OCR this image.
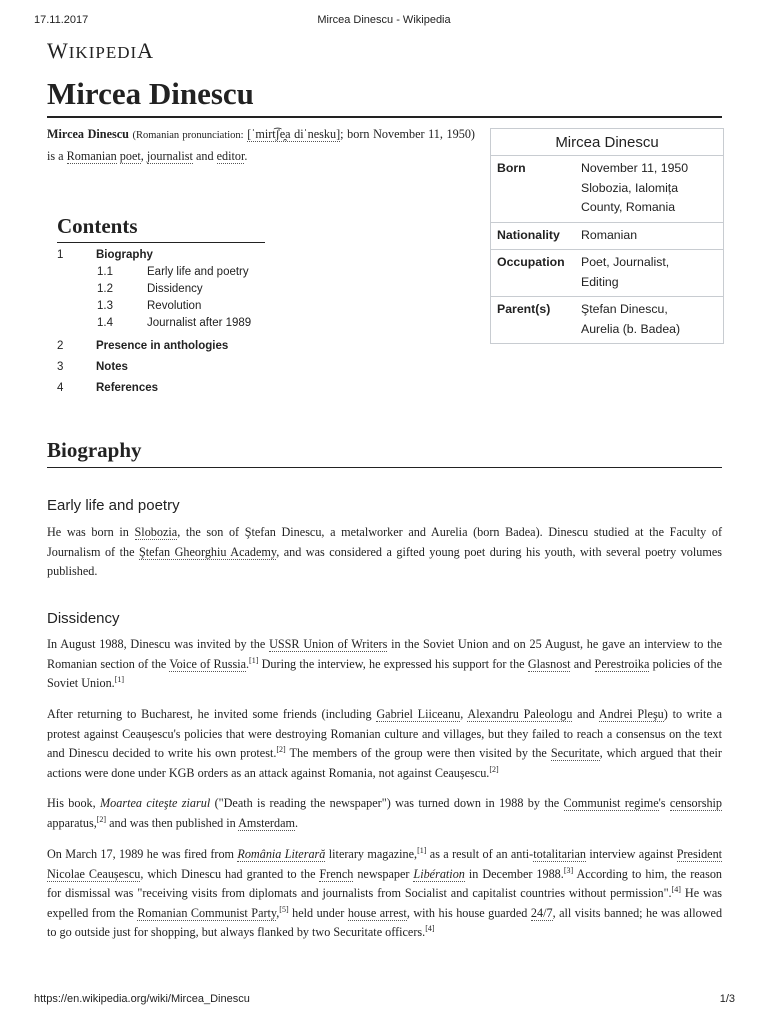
17.11.2017	Mircea Dinescu - Wikipedia
WIKIPEDIA
Mircea Dinescu

Mircea Dinescu (Romanian pronunciation: [ˈmirt͡ʃe̯a diˈnesku]; born November 11, 1950) is a Romanian poet, journalist and editor.

Mircea Dinescu
Born	November 11, 1950
Slobozia, Ialomița
County, Romania
Nationality	Romanian
Occupation	Poet, Journalist,
Editing
Parent(s)	Ştefan Dinescu,
Aurelia (b. Badea)
Contents
1	Biography
1.1	Early life and poetry
1.2	Dissidency
1.3	Revolution
1.4	Journalist after 1989
2	Presence in anthologies
3	Notes
4	References
Biography
Early life and poetry

He was born in Slobozia, the son of Ştefan Dinescu, a metalworker and Aurelia (born Badea). Dinescu studied at the Faculty of Journalism of the Ştefan Gheorghiu Academy, and was considered a gifted young poet during his youth, with several poetry volumes published.

Dissidency

In August 1988, Dinescu was invited by the USSR Union of Writers in the Soviet Union and on 25 August, he gave an interview to the Romanian section of the Voice of Russia.[1] During the interview, he expressed his support for the Glasnost and Perestroika policies of the Soviet Union.[1]

After returning to Bucharest, he invited some friends (including Gabriel Liiceanu, Alexandru Paleologu and Andrei Pleşu) to write a protest against Ceaușescu's policies that were destroying Romanian culture and villages, but they failed to reach a consensus on the text and Dinescu decided to write his own protest.[2] The members of the group were then visited by the Securitate, which argued that their actions were done under KGB orders as an attack against Romania, not against Ceaușescu.[2]

His book, Moartea citeşte ziarul ("Death is reading the newspaper") was turned down in 1988 by the Communist regime's censorship apparatus,[2] and was then published in Amsterdam.

On March 17, 1989 he was fired from România Literară literary magazine,[1] as a result of an anti-totalitarian interview against President Nicolae Ceaușescu, which Dinescu had granted to the French newspaper Libération in December 1988.[3] According to him, the reason for dismissal was "receiving visits from diplomats and journalists from Socialist and capitalist countries without permission".[4] He was expelled from the Romanian Communist Party,[5] held under house arrest, with his house guarded 24/7, all visits banned; he was allowed to go outside just for shopping, but always flanked by two Securitate officers.[4]

https://en.wikipedia.org/wiki/Mircea_Dinescu	1/3
